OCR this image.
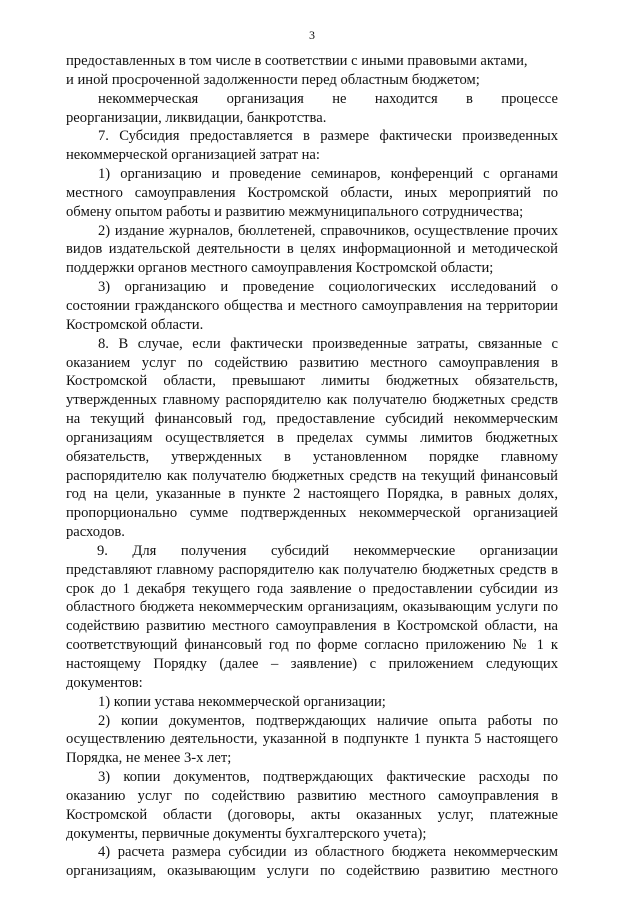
3

предоставленных в том числе в соответствии с иными правовыми актами,

и иной просроченной задолженности перед областным бюджетом;

некоммерческая организация не находится в процессе

реорганизации, ликвидации, банкротства.

7. Субсидия предоставляется в размере фактически произведенных некоммерческой организацией затрат на:

1) организацию и проведение семинаров, конференций с органами местного самоуправления Костромской области, иных мероприятий по обмену опытом работы и развитию межмуниципального сотрудничества;

2) издание журналов, бюллетеней, справочников, осуществление прочих видов издательской деятельности в целях информационной и методической поддержки органов местного самоуправления Костромской области;

3) организацию и проведение социологических исследований о состоянии гражданского общества и местного самоуправления на территории Костромской области.

8. В случае, если фактически произведенные затраты, связанные с оказанием услуг по содействию развитию местного самоуправления в Костромской области, превышают лимиты бюджетных обязательств, утвержденных главному распорядителю как получателю бюджетных средств на текущий финансовый год, предоставление субсидий некоммерческим организациям осуществляется в пределах суммы лимитов бюджетных обязательств, утвержденных в установленном порядке главному распорядителю как получателю бюджетных средств на текущий финансовый год на цели, указанные в пункте 2 настоящего Порядка, в равных долях, пропорционально сумме подтвержденных некоммерческой организацией расходов.

9. Для получения субсидий некоммерческие организации

представляют главному распорядителю как получателю бюджетных средств в срок до 1 декабря текущего года заявление о предоставлении субсидии из областного бюджета некоммерческим организациям, оказывающим услуги по содействию развитию местного самоуправления в Костромской области, на соответствующий финансовый год по форме согласно приложению № 1 к настоящему Порядку (далее – заявление) с приложением следующих документов:

1) копии устава некоммерческой организации;

2) копии документов, подтверждающих наличие опыта работы по осуществлению деятельности, указанной в подпункте 1 пункта 5 настоящего Порядка, не менее 3-х лет;

3) копии документов, подтверждающих фактические расходы по оказанию услуг по содействию развитию местного самоуправления в Костромской области (договоры, акты оказанных услуг, платежные документы, первичные документы бухгалтерского учета);

4) расчета размера субсидии из областного бюджета некоммерческим организациям, оказывающим услуги по содействию развитию местного
